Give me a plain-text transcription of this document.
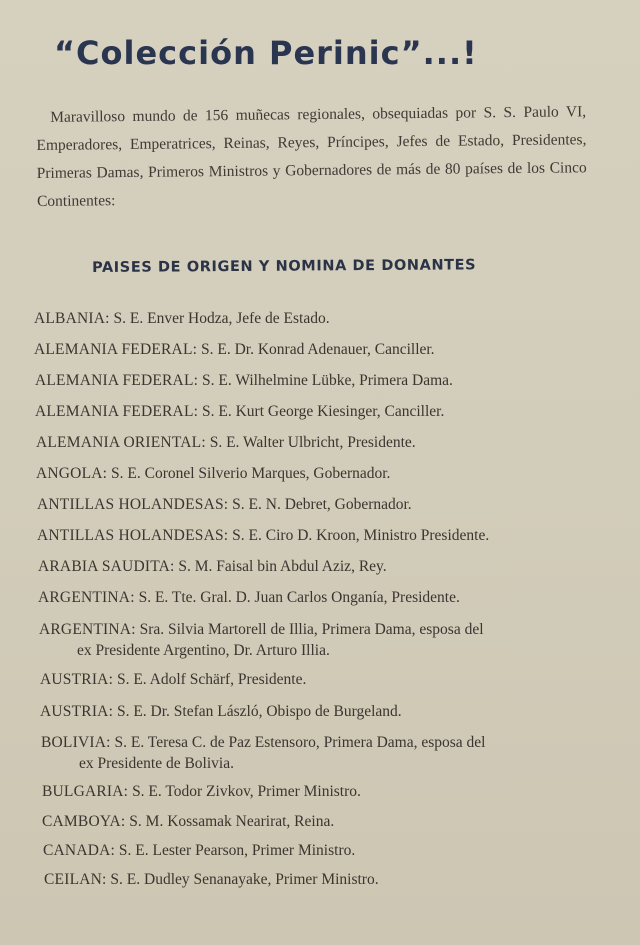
“Colección Perinic”...!

Maravilloso mundo de 156 muñecas regionales, obsequiadas por S. S. Paulo VI, Emperadores, Emperatrices, Reinas, Reyes, Príncipes, Jefes de Estado, Presidentes, Primeras Damas, Primeros Ministros y Gobernadores de más de 80 países de los Cinco Continentes:

PAISES DE ORIGEN Y NOMINA DE DONANTES
ALBANIA: S. E. Enver Hodza, Jefe de Estado.
ALEMANIA FEDERAL: S. E. Dr. Konrad Adenauer, Canciller.
ALEMANIA FEDERAL: S. E. Wilhelmine Lübke, Primera Dama.
ALEMANIA FEDERAL: S. E. Kurt George Kiesinger, Canciller.
ALEMANIA ORIENTAL: S. E. Walter Ulbricht, Presidente.
ANGOLA: S. E. Coronel Silverio Marques, Gobernador.
ANTILLAS HOLANDESAS: S. E. N. Debret, Gobernador.
ANTILLAS HOLANDESAS: S. E. Ciro D. Kroon, Ministro Presidente.
ARABIA SAUDITA: S. M. Faisal bin Abdul Aziz, Rey.
ARGENTINA: S. E. Tte. Gral. D. Juan Carlos Onganía, Presidente.
ARGENTINA: Sra. Silvia Martorell de Illia, Primera Dama, esposa del
ex Presidente Argentino, Dr. Arturo Illia.
AUSTRIA: S. E. Adolf Schärf, Presidente.
AUSTRIA: S. E. Dr. Stefan László, Obispo de Burgeland.
BOLIVIA: S. E. Teresa C. de Paz Estensoro, Primera Dama, esposa del
ex Presidente de Bolivia.
BULGARIA: S. E. Todor Zivkov, Primer Ministro.
CAMBOYA: S. M. Kossamak Nearirat, Reina.
CANADA: S. E. Lester Pearson, Primer Ministro.
CEILAN: S. E. Dudley Senanayake, Primer Ministro.
